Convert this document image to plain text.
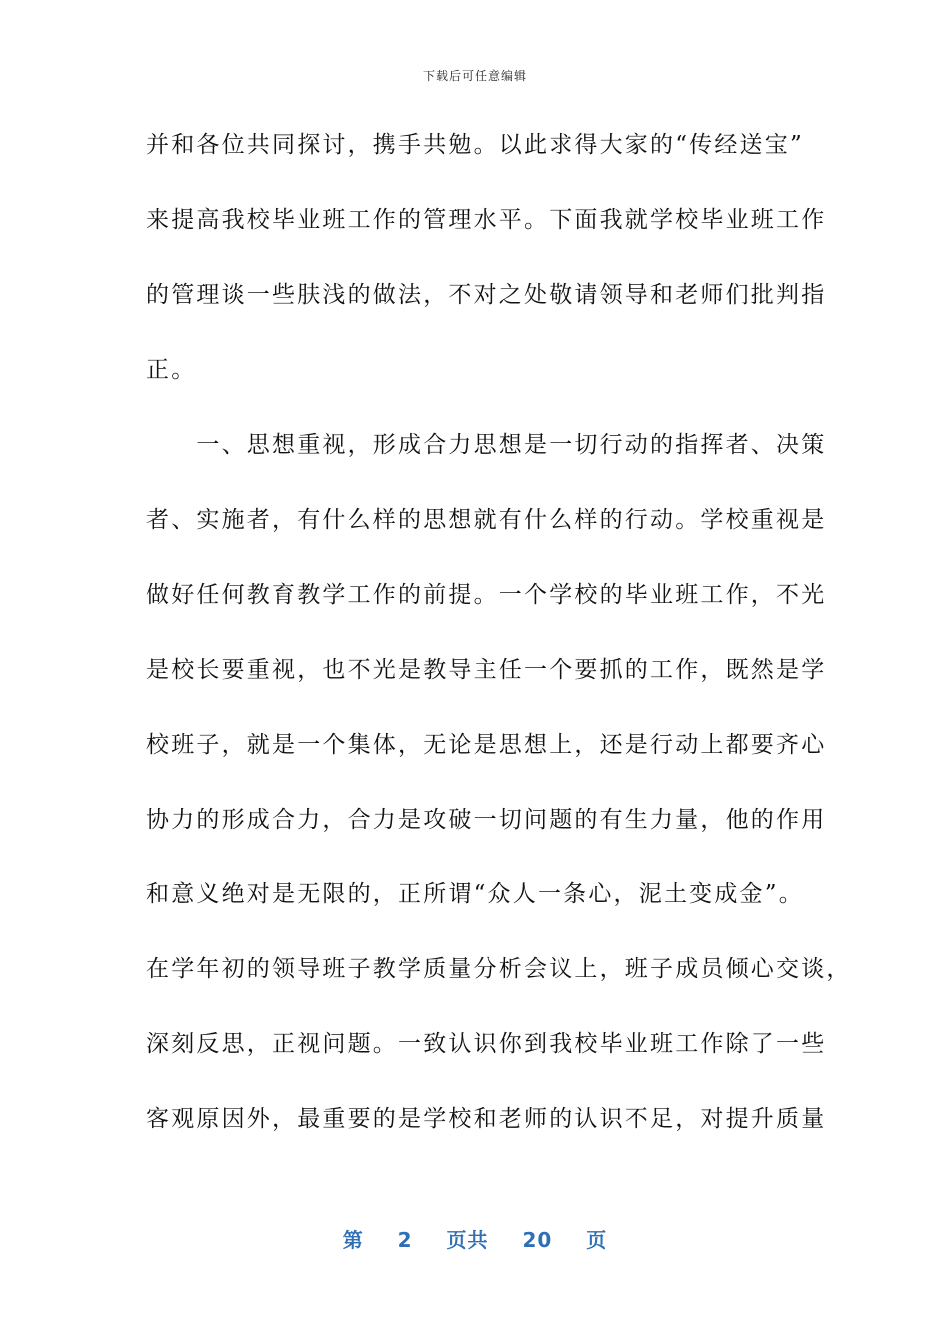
下载后可任意编辑
并和各位共同探讨，携手共勉。以此求得大家的“传经送宝”
来提高我校毕业班工作的管理水平。下面我就学校毕业班工作
的管理谈一些肤浅的做法，不对之处敬请领导和老师们批判指
正。
　　一、思想重视，形成合力思想是一切行动的指挥者、决策
者、实施者，有什么样的思想就有什么样的行动。学校重视是
做好任何教育教学工作的前提。一个学校的毕业班工作，不光
是校长要重视，也不光是教导主任一个要抓的工作，既然是学
校班子，就是一个集体，无论是思想上，还是行动上都要齐心
协力的形成合力，合力是攻破一切问题的有生力量，他的作用
和意义绝对是无限的，正所谓“众人一条心，泥土变成金”。
在学年初的领导班子教学质量分析会议上，班子成员倾心交谈，
深刻反思，正视问题。一致认识你到我校毕业班工作除了一些
客观原因外，最重要的是学校和老师的认识不足，对提升质量
第 2 页共 20 页
